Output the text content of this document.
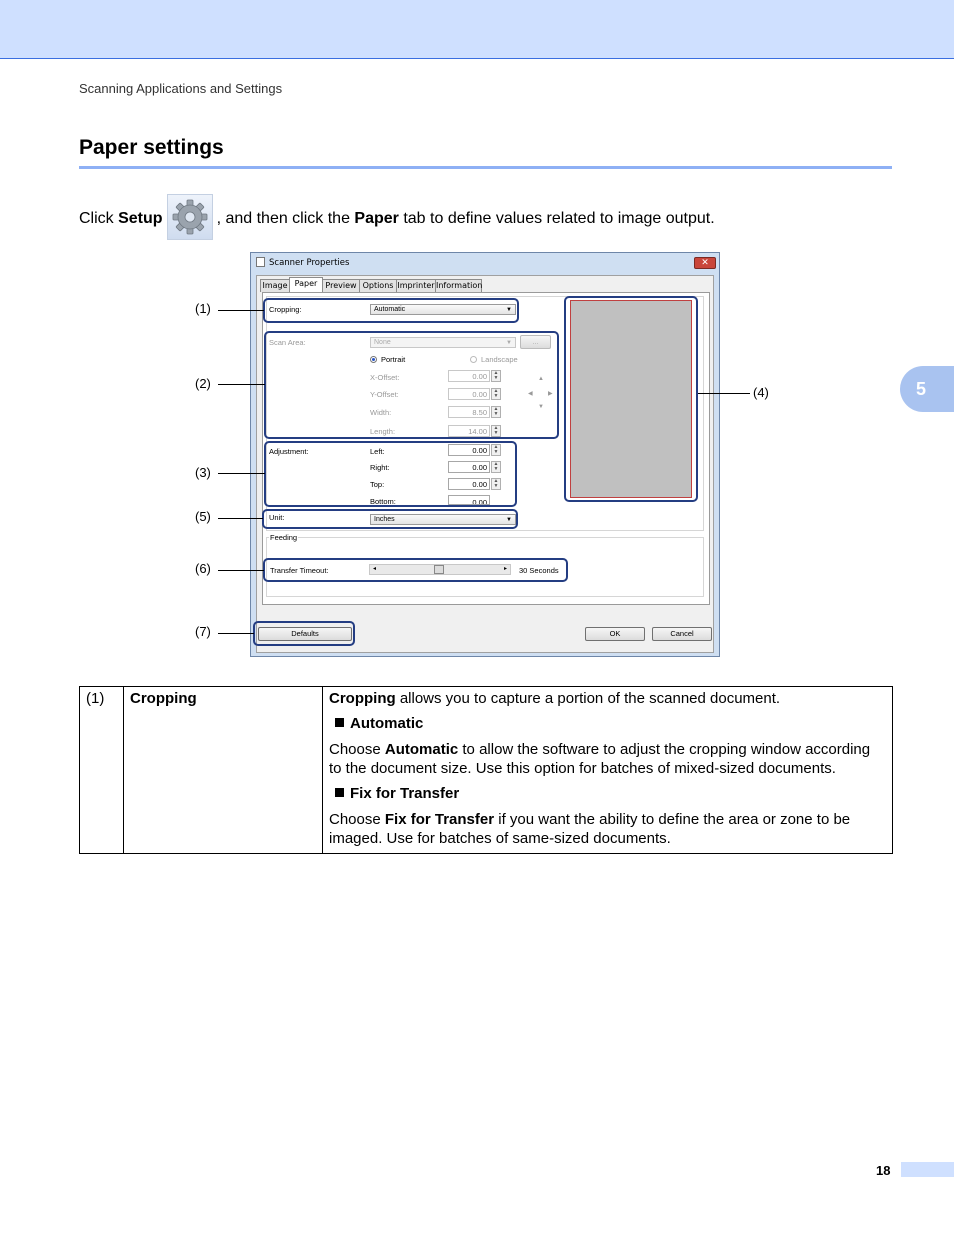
Scanning Applications and Settings
Paper settings
Click Setup	, and then click the Paper tab to define values related to image output.
5
Scanner Properties	✕
Image Paper	Preview Options Imprinter Information
Cropping:	Automatic	▼
Scan Area:	None	▼	...
Portrait	Landscape
X-Offset:	0.00	▲
▼
Y-Offset:	0.00	▲
▼
Width:	8.50	▲
▼
Length:	14.00	▲
▼
▲
◀	▶
▼
Adjustment:	Left:	0.00	▲
▼
Right:	0.00	▲
▼
Top:	0.00	▲
▼
Bottom:	0.00
Unit:	Inches	▼
Feeding
Transfer Timeout:	◂	▸ 30 Seconds
Defaults	OK	Cancel
(1)
(2)
(3)
(4)
(5)
(6)
(7)
(1)	Cropping	Cropping allows you to capture a portion of the scanned document.

Automatic

Choose Automatic to allow the software to adjust the cropping window according to the document size. Use this option for batches of mixed-sized documents.

Fix for Transfer

Choose Fix for Transfer if you want the ability to define the area or zone to be imaged. Use for batches of same-sized documents.

18
